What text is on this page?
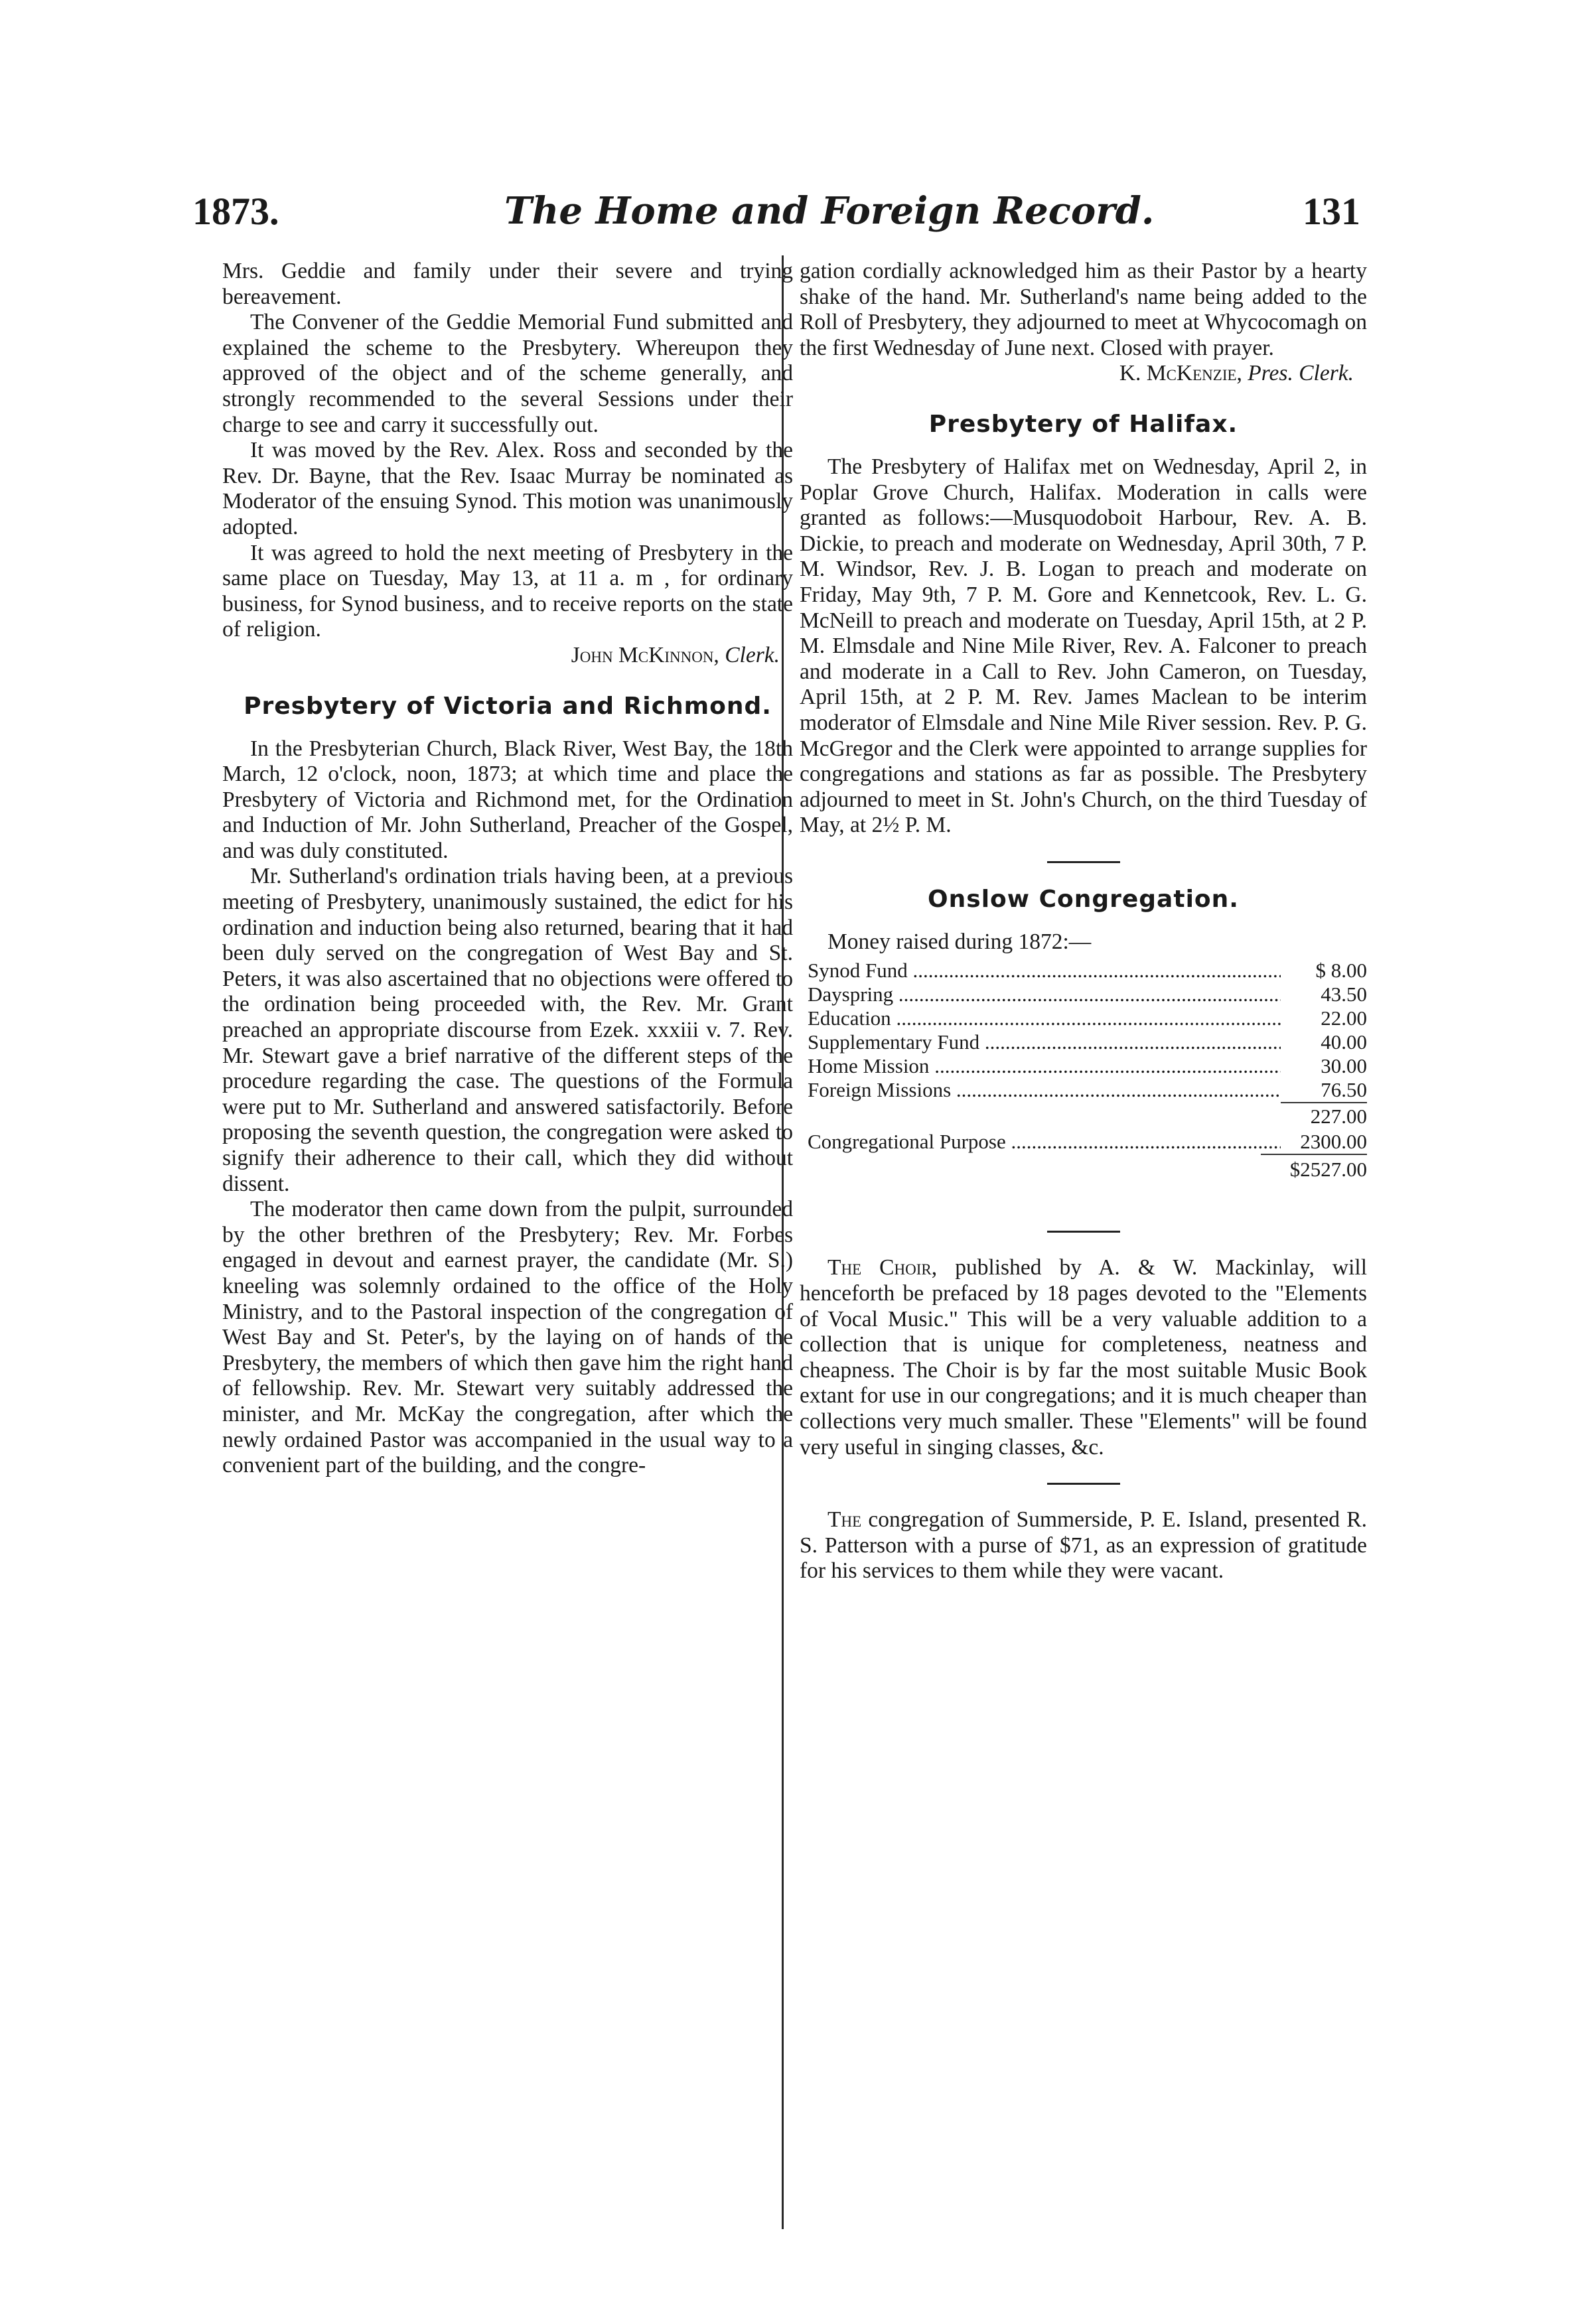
1873.	The Home and Foreign Record.	131

Mrs. Geddie and family under their severe and trying bereavement.

The Convener of the Geddie Memorial Fund submitted and explained the scheme to the Presbytery. Whereupon they approved of the object and of the scheme generally, and strongly recommended to the several Sessions under their charge to see and carry it successfully out.

It was moved by the Rev. Alex. Ross and seconded by the Rev. Dr. Bayne, that the Rev. Isaac Murray be nominated as Moderator of the ensuing Synod. This motion was unanimously adopted.

It was agreed to hold the next meeting of Presbytery in the same place on Tuesday, May 13, at 11 a. m , for ordinary business, for Synod business, and to receive reports on the state of religion.

John McKinnon, Clerk.
Presbytery of Victoria and Richmond.

In the Presbyterian Church, Black River, West Bay, the 18th March, 12 o'clock, noon, 1873; at which time and place the Presbytery of Victoria and Richmond met, for the Ordination and Induction of Mr. John Sutherland, Preacher of the Gospel, and was duly constituted.

Mr. Sutherland's ordination trials having been, at a previous meeting of Presbytery, unanimously sustained, the edict for his ordination and induction being also returned, bearing that it had been duly served on the congregation of West Bay and St. Peters, it was also ascertained that no objections were offered to the ordination being proceeded with, the Rev. Mr. Grant preached an appropriate discourse from Ezek. xxxiii v. 7. Rev. Mr. Stewart gave a brief narrative of the different steps of the procedure regarding the case. The questions of the Formula were put to Mr. Sutherland and answered satisfactorily. Before proposing the seventh question, the congregation were asked to signify their adherence to their call, which they did without dissent.

The moderator then came down from the pulpit, surrounded by the other brethren of the Presbytery; Rev. Mr. Forbes engaged in devout and earnest prayer, the candidate (Mr. S.) kneeling was solemnly ordained to the office of the Holy Ministry, and to the Pastoral inspection of the congregation of West Bay and St. Peter's, by the laying on of hands of the Presbytery, the members of which then gave him the right hand of fellowship. Rev. Mr. Stewart very suitably addressed the minister, and Mr. McKay the congregation, after which the newly ordained Pastor was accompanied in the usual way to a convenient part of the building, and the congre-

gation cordially acknowledged him as their Pastor by a hearty shake of the hand. Mr. Sutherland's name being added to the Roll of Presbytery, they adjourned to meet at Whycocomagh on the first Wednesday of June next. Closed with prayer.

K. McKenzie, Pres. Clerk.
Presbytery of Halifax.

The Presbytery of Halifax met on Wednesday, April 2, in Poplar Grove Church, Halifax. Moderation in calls were granted as follows:—Musquodoboit Harbour, Rev. A. B. Dickie, to preach and moderate on Wednesday, April 30th, 7 P. M. Windsor, Rev. J. B. Logan to preach and moderate on Friday, May 9th, 7 P. M. Gore and Kennetcook, Rev. L. G. McNeill to preach and moderate on Tuesday, April 15th, at 2 P. M. Elmsdale and Nine Mile River, Rev. A. Falconer to preach and moderate in a Call to Rev. John Cameron, on Tuesday, April 15th, at 2 P. M. Rev. James Maclean to be interim moderator of Elmsdale and Nine Mile River session. Rev. P. G. McGregor and the Clerk were appointed to arrange supplies for congregations and stations as far as possible. The Presbytery adjourned to meet in St. John's Church, on the third Tuesday of May, at 2½ P. M.

Onslow Congregation.

Money raised during 1872:—

Synod Fund .....	$ 8.00
Dayspring .....	43.50
Education .....	22.00
Supplementary Fund .....	40.00
Home Mission .....	30.00
Foreign Missions .....	76.50
227.00
Congregational Purpose .....	2300.00
$2527.00

The Choir, published by A. & W. Mackinlay, will henceforth be prefaced by 18 pages devoted to the "Elements of Vocal Music." This will be a very valuable addition to a collection that is unique for completeness, neatness and cheapness. The Choir is by far the most suitable Music Book extant for use in our congregations; and it is much cheaper than collections very much smaller. These "Elements" will be found very useful in singing classes, &c.

The congregation of Summerside, P. E. Island, presented R. S. Patterson with a purse of $71, as an expression of gratitude for his services to them while they were vacant.
